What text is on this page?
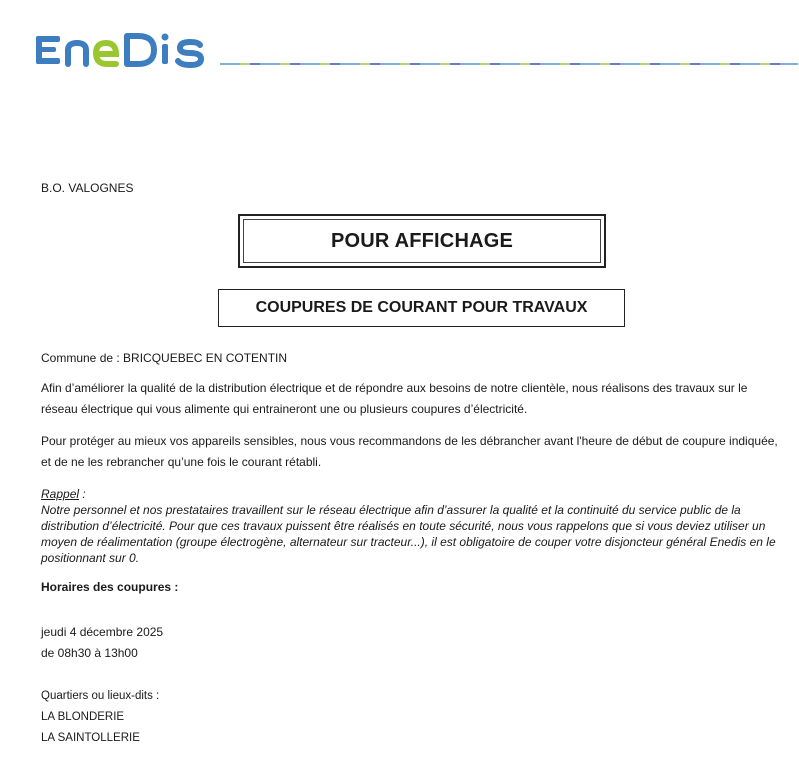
B.O. VALOGNES
POUR AFFICHAGE
COUPURES DE COURANT POUR TRAVAUX
Commune de : BRICQUEBEC EN COTENTIN
Afin d’améliorer la qualité de la distribution électrique et de répondre aux besoins de notre clientèle, nous réalisons des travaux sur le réseau électrique qui vous alimente qui entraineront une ou plusieurs coupures d’électricité.
Pour protéger au mieux vos appareils sensibles, nous vous recommandons de les débrancher avant l'heure de début de coupure indiquée, et de ne les rebrancher qu’une fois le courant rétabli.
Rappel :
Notre personnel et nos prestataires travaillent sur le réseau électrique afin d’assurer la qualité et la continuité du service public de la distribution d’électricité. Pour que ces travaux puissent être réalisés en toute sécurité, nous vous rappelons que si vous deviez utiliser un moyen de réalimentation (groupe électrogène, alternateur sur tracteur...), il est obligatoire de couper votre disjoncteur général Enedis en le positionnant sur 0.
Horaires des coupures :
jeudi 4 décembre 2025
de 08h30 à 13h00
Quartiers ou lieux-dits :
LA BLONDERIE
LA SAINTOLLERIE
